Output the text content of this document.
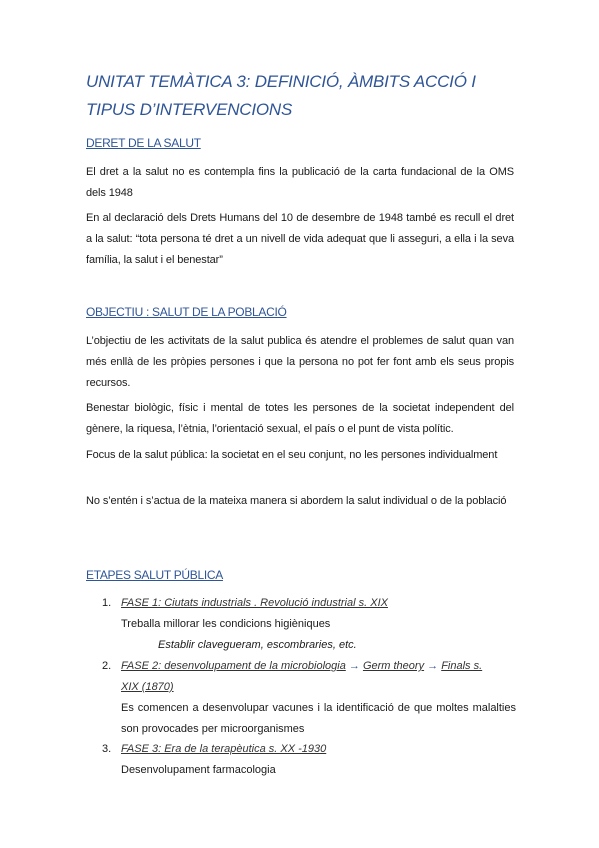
UNITAT TEMÀTICA 3: DEFINICIÓ, ÀMBITS ACCIÓ I TIPUS D’INTERVENCIONS
DERET DE LA SALUT
El dret a la salut no es contempla fins la publicació de la carta fundacional de la OMS dels 1948
En al declaració dels Drets Humans del 10 de desembre de 1948 també es recull el dret a la salut: “tota persona té dret a un nivell de vida adequat que li asseguri, a ella i la seva família, la salut i el benestar”
OBJECTIU : SALUT DE LA POBLACIÓ
L’objectiu de les activitats de la salut publica és atendre el problemes de salut quan van més enllà de les pròpies persones i que la persona no pot fer font amb els seus propis recursos.
Benestar biològic, físic i mental de totes les persones de la societat independent del gènere, la riquesa, l’ètnia, l’orientació sexual, el país o el punt de vista polític.
Focus de la salut pública: la societat en el seu conjunt, no les persones individualment
No s’entén i s’actua de la mateixa manera si abordem la salut individual o de la població
ETAPES SALUT PÚBLICA
1. FASE 1: Ciutats industrials . Revolució industrial s. XIX
Treballa millorar les condicions higièniques
Establir clavegueram, escombraries, etc.
2. FASE 2: desenvolupament de la microbiologia → Germ theory → Finals s.
XIX (1870)
Es comencen a desenvolupar vacunes i la identificació de que moltes malalties son provocades per microorganismes
3. FASE 3: Era de la terapèutica s. XX -1930
Desenvolupament farmacologia
